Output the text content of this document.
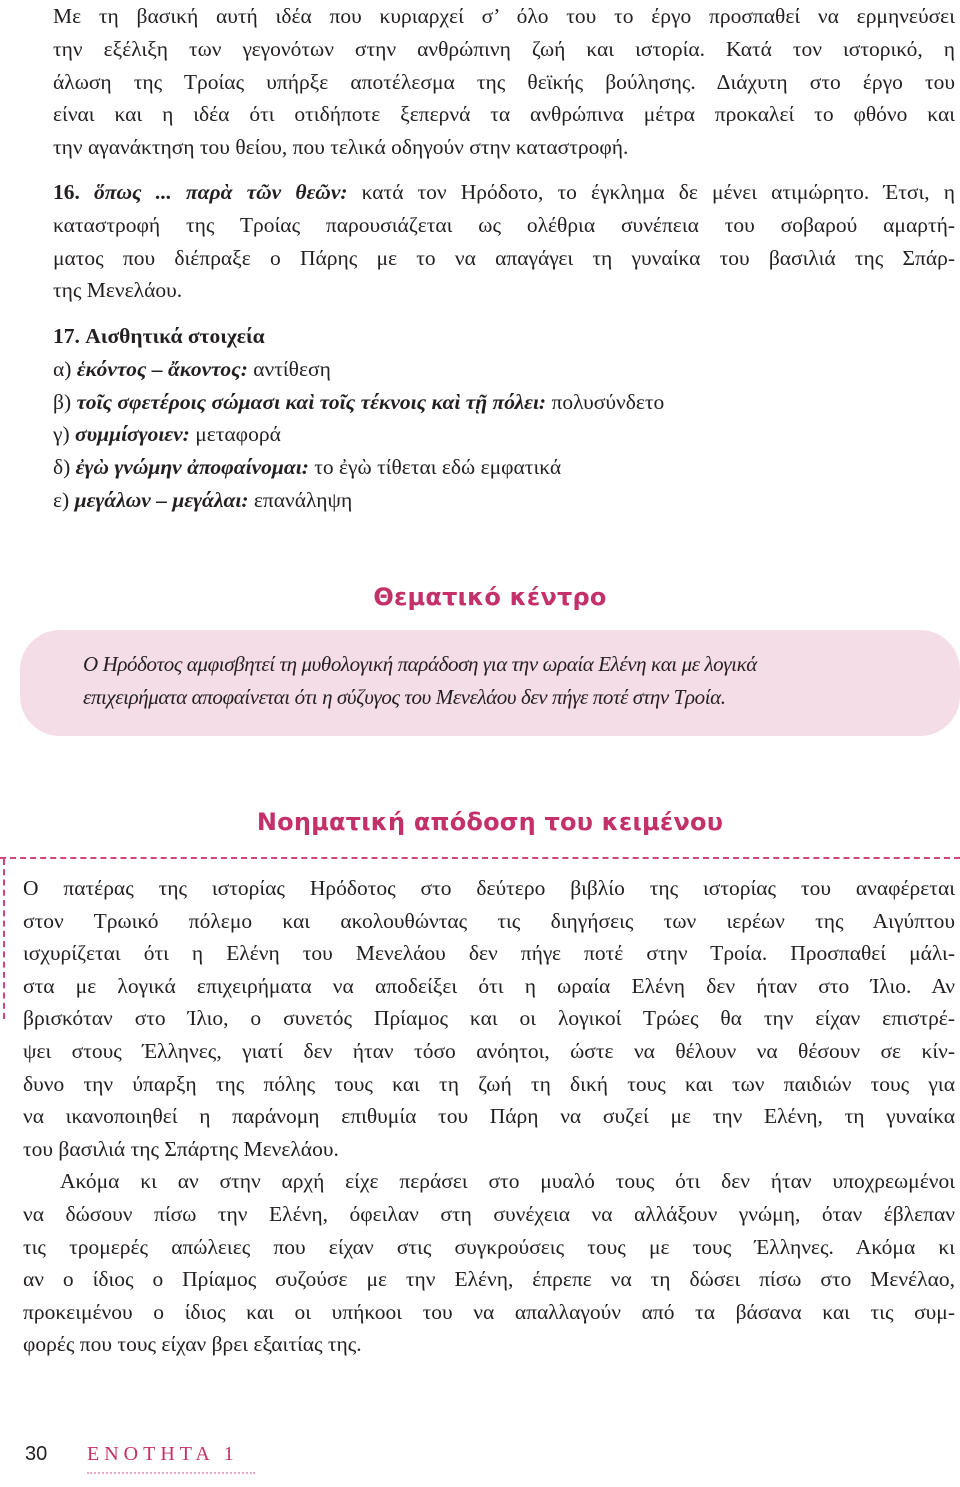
Με τη βασική αυτή ιδέα που κυριαρχεί σ’ όλο του το έργο προσπαθεί να ερμηνεύσει
την εξέλιξη των γεγονότων στην ανθρώπινη ζωή και ιστορία. Κατά τον ιστορικό, η
άλωση της Τροίας υπήρξε αποτέλεσμα της θεϊκής βούλησης. Διάχυτη στο έργο του
είναι και η ιδέα ότι οτιδήποτε ξεπερνά τα ανθρώπινα μέτρα προκαλεί το φθόνο και
την αγανάκτηση του θείου, που τελικά οδηγούν στην καταστροφή.
16. ὅπως ... παρὰ τῶν θεῶν: κατά τον Ηρόδοτο, το έγκλημα δε μένει ατιμώρητο. Έτσι, η
καταστροφή της Τροίας παρουσιάζεται ως ολέθρια συνέπεια του σοβαρού αμαρτή-
ματος που διέπραξε ο Πάρης με το να απαγάγει τη γυναίκα του βασιλιά της Σπάρ-
της Μενελάου.
17. Αισθητικά στοιχεία
α) ἑκόντος – ἄκοντος: αντίθεση
β) τοῖς σφετέροις σώμασι καὶ τοῖς τέκνοις καὶ τῇ πόλει: πολυσύνδετο
γ) συμμίσγοιεν: μεταφορά
δ) ἐγὼ γνώμην ἀποφαίνομαι: το ἐγὼ τίθεται εδώ εμφατικά
ε) μεγάλων – μεγάλαι: επανάληψη
Θεματικό κέντρο
Ο Ηρόδοτος αμφισβητεί τη μυθολογική παράδοση για την ωραία Ελένη και με λογικά
επιχειρήματα αποφαίνεται ότι η σύζυγος του Μενελάου δεν πήγε ποτέ στην Τροία.
Νοηματική απόδοση του κειμένου
Ο πατέρας της ιστορίας Ηρόδοτος στο δεύτερο βιβλίο της ιστορίας του αναφέρεται
στον Τρωικό πόλεμο και ακολουθώντας τις διηγήσεις των ιερέων της Αιγύπτου
ισχυρίζεται ότι η Ελένη του Μενελάου δεν πήγε ποτέ στην Τροία. Προσπαθεί μάλι-
στα με λογικά επιχειρήματα να αποδείξει ότι η ωραία Ελένη δεν ήταν στο Ίλιο. Αν
βρισκόταν στο Ίλιο, ο συνετός Πρίαμος και οι λογικοί Τρώες θα την είχαν επιστρέ-
ψει στους Έλληνες, γιατί δεν ήταν τόσο ανόητοι, ώστε να θέλουν να θέσουν σε κίν-
δυνο την ύπαρξη της πόλης τους και τη ζωή τη δική τους και των παιδιών τους για
να ικανοποιηθεί η παράνομη επιθυμία του Πάρη να συζεί με την Ελένη, τη γυναίκα
του βασιλιά της Σπάρτης Μενελάου.
Ακόμα κι αν στην αρχή είχε περάσει στο μυαλό τους ότι δεν ήταν υποχρεωμένοι
να δώσουν πίσω την Ελένη, όφειλαν στη συνέχεια να αλλάξουν γνώμη, όταν έβλεπαν
τις τρομερές απώλειες που είχαν στις συγκρούσεις τους με τους Έλληνες. Ακόμα κι
αν ο ίδιος ο Πρίαμος συζούσε με την Ελένη, έπρεπε να τη δώσει πίσω στο Μενέλαο,
προκειμένου ο ίδιος και οι υπήκοοι του να απαλλαγούν από τα βάσανα και τις συμ-
φορές που τους είχαν βρει εξαιτίας της.
30 ΕΝΟΤΗΤΑ 1
